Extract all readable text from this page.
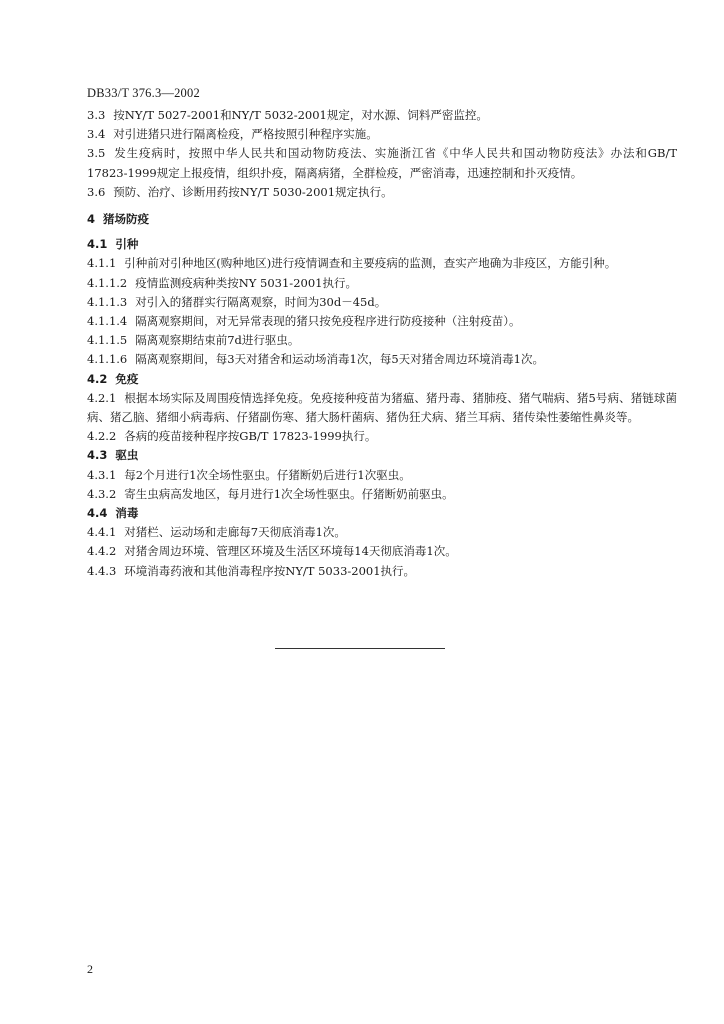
DB33/T 376.3—2002

3.3 按NY/T 5027-2001和NY/T 5032-2001规定，对水源、饲料严密监控。

3.4 对引进猪只进行隔离检疫，严格按照引种程序实施。

3.5 发生疫病时，按照中华人民共和国动物防疫法、实施浙江省《中华人民共和国动物防疫法》办法和GB/T 17823-1999规定上报疫情，组织扑疫，隔离病猪，全群检疫，严密消毒，迅速控制和扑灭疫情。

3.6 预防、治疗、诊断用药按NY/T 5030-2001规定执行。

4 猪场防疫

4.1 引种

4.1.1 引种前对引种地区(购种地区)进行疫情调查和主要疫病的监测，查实产地确为非疫区，方能引种。

4.1.1.2 疫情监测疫病种类按NY 5031-2001执行。

4.1.1.3 对引入的猪群实行隔离观察，时间为30d－45d。

4.1.1.4 隔离观察期间，对无异常表现的猪只按免疫程序进行防疫接种（注射疫苗）。

4.1.1.5 隔离观察期结束前7d进行驱虫。

4.1.1.6 隔离观察期间，每3天对猪舍和运动场消毒1次，每5天对猪舍周边环境消毒1次。

4.2 免疫

4.2.1 根据本场实际及周围疫情选择免疫。免疫接种疫苗为猪瘟、猪丹毒、猪肺疫、猪气喘病、猪5号病、猪链球菌病、猪乙脑、猪细小病毒病、仔猪副伤寒、猪大肠杆菌病、猪伪狂犬病、猪兰耳病、猪传染性萎缩性鼻炎等。

4.2.2 各病的疫苗接种程序按GB/T 17823-1999执行。

4.3 驱虫

4.3.1 每2个月进行1次全场性驱虫。仔猪断奶后进行1次驱虫。

4.3.2 寄生虫病高发地区，每月进行1次全场性驱虫。仔猪断奶前驱虫。

4.4 消毒

4.4.1 对猪栏、运动场和走廊每7天彻底消毒1次。

4.4.2 对猪舍周边环境、管理区环境及生活区环境每14天彻底消毒1次。

4.4.3 环境消毒药液和其他消毒程序按NY/T 5033-2001执行。

2
